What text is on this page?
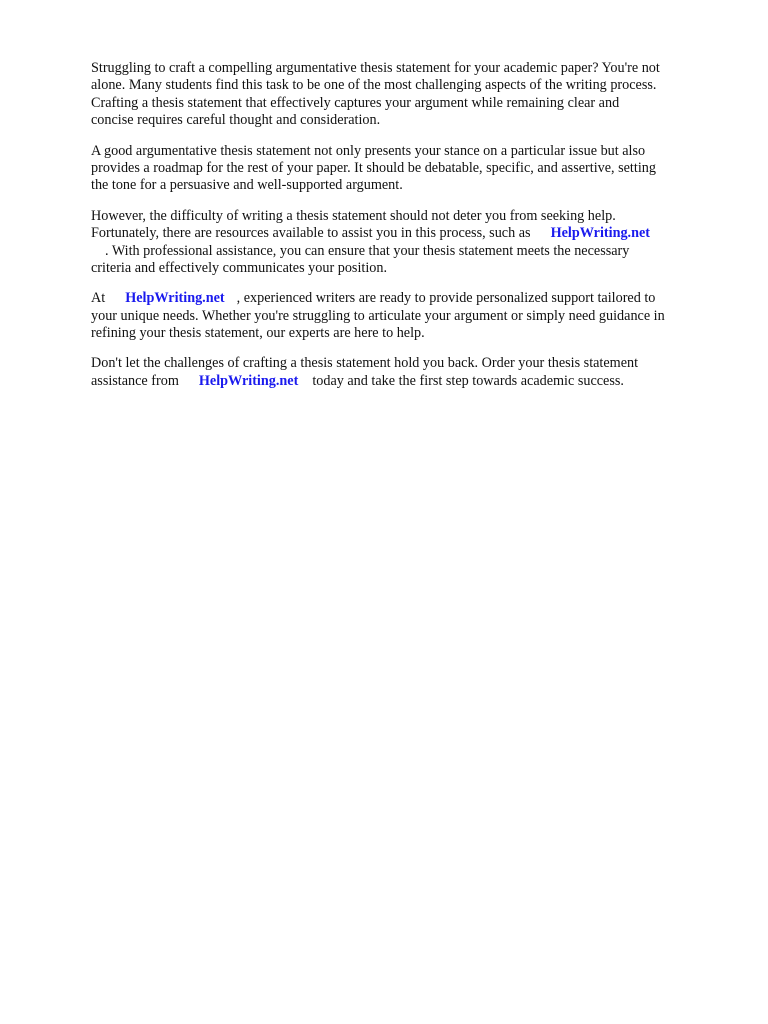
Struggling to craft a compelling argumentative thesis statement for your academic paper? You're not
alone. Many students find this task to be one of the most challenging aspects of the writing process.
Crafting a thesis statement that effectively captures your argument while remaining clear and
concise requires careful thought and consideration.

A good argumentative thesis statement not only presents your stance on a particular issue but also
provides a roadmap for the rest of your paper. It should be debatable, specific, and assertive, setting
the tone for a persuasive and well-supported argument.

However, the difficulty of writing a thesis statement should not deter you from seeking help.
Fortunately, there are resources available to assist you in this process, such as HelpWriting.net
. With professional assistance, you can ensure that your thesis statement meets the necessary
criteria and effectively communicates your position.

At HelpWriting.net , experienced writers are ready to provide personalized support tailored to
your unique needs. Whether you're struggling to articulate your argument or simply need guidance in
refining your thesis statement, our experts are here to help.

Don't let the challenges of crafting a thesis statement hold you back. Order your thesis statement
assistance from HelpWriting.net today and take the first step towards academic success.
